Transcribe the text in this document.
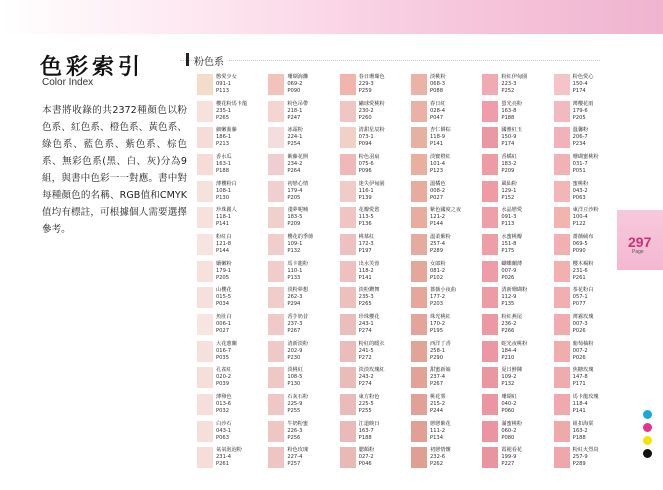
色彩索引
Color Index

本書將收錄的共2372種顏色以粉色系、紅色系、橙色系、黃色系、綠色系、藍色系、紫色系、棕色系、無彩色系(黑、白、灰)分為9組，與書中色彩一一對應。書中對每種顏色的名稱、RGB值和CMYK值均有標註，可根據個人需要選擇參考。

粉色系
憋愛少女
091-1
P113
珊瑚海灘
069-2
P090
春日珊瑚色
229-3
P259
淡桃粉
068-3
P088
粉紅伊甸園
223-3
P252
粉色愛心
150-4
P174
櫻花粉馬卡龍
235-1
P265
粉色吊帶
218-1
P247
繡球愛桃粉
230-2
P260
春日紅
028-4
P047
螢光亮粉
163-8
P188
薄櫻花雨
179-6
P205
細嫩蕎藤
186-1
P213
冰霜粉
224-1
P254
清甜星辰粉
073-1
P094
杏仁餅棕
118-9
P141
國雅紅玉
150-9
P174
溫馨粉
206-7
P234
香水瓜
163-1
P188
紫藤花開
234-2
P264
粉色羽扇
075-6
P096
淡寶橙紅
101-4
P123
香橘紅
183-2
P209
珊瑚蜜桃粉
031-7
P051
薄櫻粉白
108-1
P130
初戀心情
179-4
P205
迷失伊甸園
116-1
P139
溫橘色
008-2
P027
風仙粉
129-1
P152
蜜桃粉
043-2
P063
珍珠麗人
118-1
P141
淺夢呢喃
183-5
P209
花瓣愛慾
113-5
P136
紫色國度之夜
121-2
P144
水晶戀愛
091-3
P113
東洋豆沙粉
100-4
P122
粉紅白
121-8
P144
櫻花的季節
109-1
P132
桃慕紅
172-3
P197
溫柔紫粉
257-4
P289
水蜜桃瓣
151-8
P175
薔薇絨布
069-5
P090
嬌嫩粉
179-1
P205
馬卡龍粉
110-1
P133
出水芙蓉
118-2
P141
女郎粉
081-2
P102
蝴蝶蘭薄
007-9
P026
櫻木褐粉
231-6
P261
山櫻花
015-5
P034
淡粉夢想
262-3
P294
淡粉鑽舞
235-3
P265
薔薇小夜曲
177-2
P203
清新珊瑚粉
112-9
P135
茶花粉白
057-1
P077
魚肚白
006-1
P027
香芋奶昔
237-3
P267
珍珠櫻花
243-1
P274
珠光桃紅
170-2
P195
粉紅燕尾
236-2
P266
薄霧玫瑰
007-3
P026
大花蕙蘭
016-7
P035
清新淡粉
202-9
P230
粉紅的暖衣
241-5
P272
西洋丁香
258-1
P290
蛇光夜桃粉
184-4
P210
葡萄柚粉
007-2
P026
孔雀紅
020-2
P039
淡桃紅
108-5
P130
淡淡玫瑰紅
243-2
P274
甜蜜新娘
237-4
P267
夏日鮮陳
109-2
P132
焦糖玫瑰
147-8
P171
薄卵色
013-6
P032
石灰石粉
225-9
P255
東方粉色
225-5
P255
桃花雾
215-2
P244
珊瑚紅
040-2
P060
馬卡龍玫瑰
118-4
P141
白沙石
043-1
P063
牛奶粉蜜
226-3
P256
江道映日
163-7
P188
戀戀紫花
111-2
P134
滿蜜桃粉
060-2
P080
紐扣海棠
163-2
P188
氣氣泡泡粉
231-4
P261
粉色玫瑰
227-4
P257
腮顏粉
027-2
P046
初戀情懷
232-6
P262
霞褪看花
199-9
P227
粉紅火烈鳥
257-9
P289
297
Page
